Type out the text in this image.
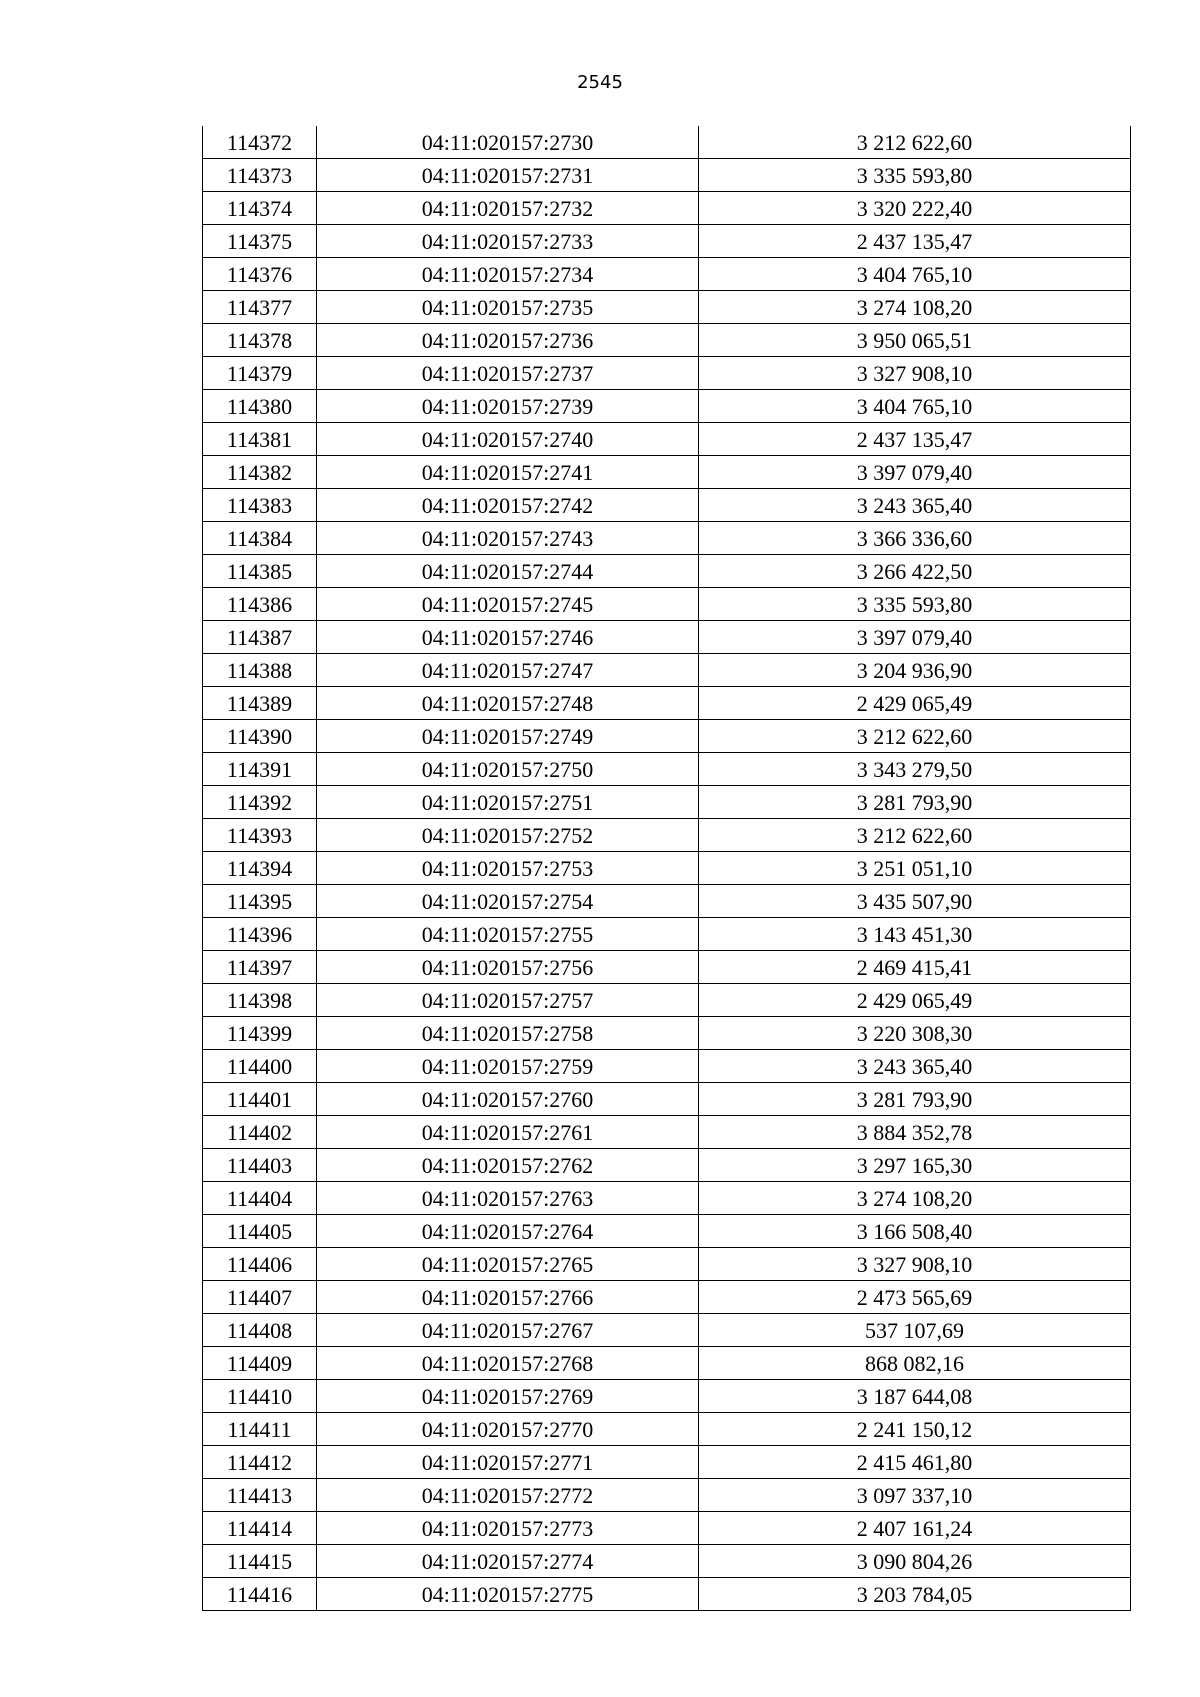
2545
114372	04:11:020157:2730	3 212 622,60
114373	04:11:020157:2731	3 335 593,80
114374	04:11:020157:2732	3 320 222,40
114375	04:11:020157:2733	2 437 135,47
114376	04:11:020157:2734	3 404 765,10
114377	04:11:020157:2735	3 274 108,20
114378	04:11:020157:2736	3 950 065,51
114379	04:11:020157:2737	3 327 908,10
114380	04:11:020157:2739	3 404 765,10
114381	04:11:020157:2740	2 437 135,47
114382	04:11:020157:2741	3 397 079,40
114383	04:11:020157:2742	3 243 365,40
114384	04:11:020157:2743	3 366 336,60
114385	04:11:020157:2744	3 266 422,50
114386	04:11:020157:2745	3 335 593,80
114387	04:11:020157:2746	3 397 079,40
114388	04:11:020157:2747	3 204 936,90
114389	04:11:020157:2748	2 429 065,49
114390	04:11:020157:2749	3 212 622,60
114391	04:11:020157:2750	3 343 279,50
114392	04:11:020157:2751	3 281 793,90
114393	04:11:020157:2752	3 212 622,60
114394	04:11:020157:2753	3 251 051,10
114395	04:11:020157:2754	3 435 507,90
114396	04:11:020157:2755	3 143 451,30
114397	04:11:020157:2756	2 469 415,41
114398	04:11:020157:2757	2 429 065,49
114399	04:11:020157:2758	3 220 308,30
114400	04:11:020157:2759	3 243 365,40
114401	04:11:020157:2760	3 281 793,90
114402	04:11:020157:2761	3 884 352,78
114403	04:11:020157:2762	3 297 165,30
114404	04:11:020157:2763	3 274 108,20
114405	04:11:020157:2764	3 166 508,40
114406	04:11:020157:2765	3 327 908,10
114407	04:11:020157:2766	2 473 565,69
114408	04:11:020157:2767	537 107,69
114409	04:11:020157:2768	868 082,16
114410	04:11:020157:2769	3 187 644,08
114411	04:11:020157:2770	2 241 150,12
114412	04:11:020157:2771	2 415 461,80
114413	04:11:020157:2772	3 097 337,10
114414	04:11:020157:2773	2 407 161,24
114415	04:11:020157:2774	3 090 804,26
114416	04:11:020157:2775	3 203 784,05
